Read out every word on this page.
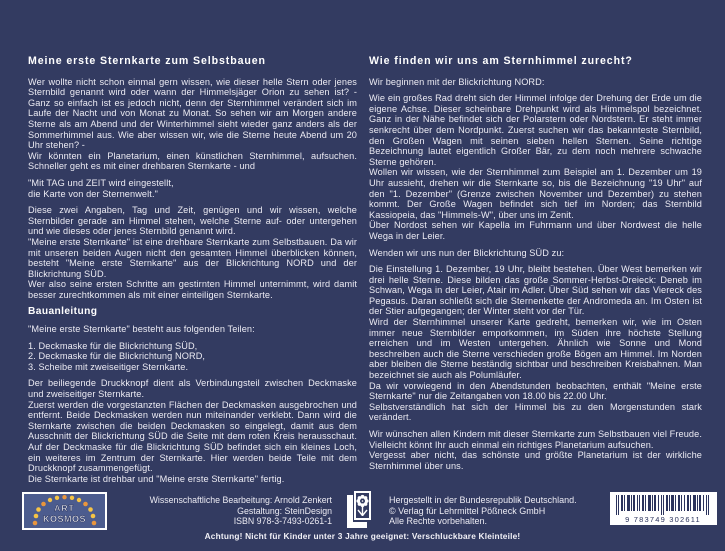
Meine erste Sternkarte zum Selbstbauen

Wer wollte nicht schon einmal gern wissen, wie dieser helle Stern oder jenes Sternbild genannt wird oder wann der Himmelsjäger Orion zu sehen ist? - Ganz so einfach ist es jedoch nicht, denn der Sternhimmel verändert sich im Laufe der Nacht und von Monat zu Monat. So sehen wir am Morgen andere Sterne als am Abend und der Winterhimmel sieht wieder ganz anders als der Sommerhimmel aus. Wie aber wissen wir, wie die Sterne heute Abend um 20 Uhr stehen? -

Wir könnten ein Planetarium, einen künstlichen Sternhimmel, aufsuchen. Schneller geht es mit einer drehbaren Sternkarte - und

"Mit TAG und ZEIT wird eingestellt,

die Karte von der Sternenwelt."

Diese zwei Angaben, Tag und Zeit, genügen und wir wissen, welche Sternbilder gerade am Himmel stehen, welche Sterne auf- oder untergehen und wie dieses oder jenes Sternbild genannt wird.

"Meine erste Sternkarte" ist eine drehbare Sternkarte zum Selbstbauen. Da wir mit unseren beiden Augen nicht den gesamten Himmel überblicken können, besteht "Meine erste Sternkarte" aus der Blickrichtung NORD und der Blickrichtung SÜD.

Wer also seine ersten Schritte am gestirnten Himmel unternimmt, wird damit besser zurechtkommen als mit einer einteiligen Sternkarte.

Bauanleitung

"Meine erste Sternkarte" besteht aus folgenden Teilen:

1. Deckmaske für die Blickrichtung SÜD,

2. Deckmaske für die Blickrichtung NORD,

3. Scheibe mit zweiseitiger Sternkarte.

Der beiliegende Druckknopf dient als Verbindungsteil zwischen Deckmaske und zweiseitiger Sternkarte.

Zuerst werden die vorgestanzten Flächen der Deckmasken ausgebrochen und entfernt. Beide Deckmasken werden nun miteinander verklebt. Dann wird die Sternkarte zwischen die beiden Deckmasken so eingelegt, damit aus dem Ausschnitt der Blickrichtung SÜD die Seite mit dem roten Kreis herausschaut. Auf der Deckmaske für die Blickrichtung SÜD befindet sich ein kleines Loch, ein weiteres im Zentrum der Sternkarte. Hier werden beide Teile mit dem Druckknopf zusammengefügt.

Die Sternkarte ist drehbar und "Meine erste Sternkarte" fertig.

Wie finden wir uns am Sternhimmel zurecht?

Wir beginnen mit der Blickrichtung NORD:

Wie ein großes Rad dreht sich der Himmel infolge der Drehung der Erde um die eigene Achse. Dieser scheinbare Drehpunkt wird als Himmelspol bezeichnet. Ganz in der Nähe befindet sich der Polarstern oder Nordstern. Er steht immer senkrecht über dem Nordpunkt. Zuerst suchen wir das bekannteste Sternbild, den Großen Wagen mit seinen sieben hellen Sternen. Seine richtige Bezeichnung lautet eigentlich Großer Bär, zu dem noch mehrere schwache Sterne gehören.

Wollen wir wissen, wie der Sternhimmel zum Beispiel am 1. Dezember um 19 Uhr aussieht, drehen wir die Sternkarte so, bis die Bezeichnung "19 Uhr" auf den "1. Dezember" (Grenze zwischen November und Dezember) zu stehen kommt. Der Große Wagen befindet sich tief im Norden; das Sternbild Kassiopeia, das "Himmels-W", über uns im Zenit.

Über Nordost sehen wir Kapella im Fuhrmann und über Nordwest die helle Wega in der Leier.

Wenden wir uns nun der Blickrichtung SÜD zu:

Die Einstellung 1. Dezember, 19 Uhr, bleibt bestehen. Über West bemerken wir drei helle Sterne. Diese bilden das große Sommer-Herbst-Dreieck: Deneb im Schwan, Wega in der Leier, Atair im Adler. Über Süd sehen wir das Viereck des Pegasus. Daran schließt sich die Sternenkette der Andromeda an. Im Osten ist der Stier aufgegangen; der Winter steht vor der Tür.

Wird der Sternhimmel unserer Karte gedreht, bemerken wir, wie im Osten immer neue Sternbilder emporkommen, im Süden ihre höchste Stellung erreichen und im Westen untergehen. Ähnlich wie Sonne und Mond beschreiben auch die Sterne verschieden große Bögen am Himmel. Im Norden aber bleiben die Sterne beständig sichtbar und beschreiben Kreisbahnen. Man bezeichnet sie auch als Polumläufer.

Da wir vorwiegend in den Abendstunden beobachten, enthält "Meine erste Sternkarte" nur die Zeitangaben von 18.00 bis 22.00 Uhr.

Selbstverständlich hat sich der Himmel bis zu den Morgenstunden stark verändert.

Wir wünschen allen Kindern mit dieser Sternkarte zum Selbstbauen viel Freude. Vielleicht könnt Ihr auch einmal ein richtiges Planetarium aufsuchen.

Vergesst aber nicht, das schönste und größte Planetarium ist der wirkliche Sternhimmel über uns.

ART
KOSMOS
Wissenschaftliche Bearbeitung: Arnold Zenkert
Gestaltung: SteinDesign
ISBN 978-3-7493-0261-1
Hergestellt in der Bundesrepublik Deutschland.
© Verlag für Lehrmittel Pößneck GmbH
Alle Rechte vorbehalten.	9 783749 302611
Achtung! Nicht für Kinder unter 3 Jahre geeignet: Verschluckbare Kleinteile!
